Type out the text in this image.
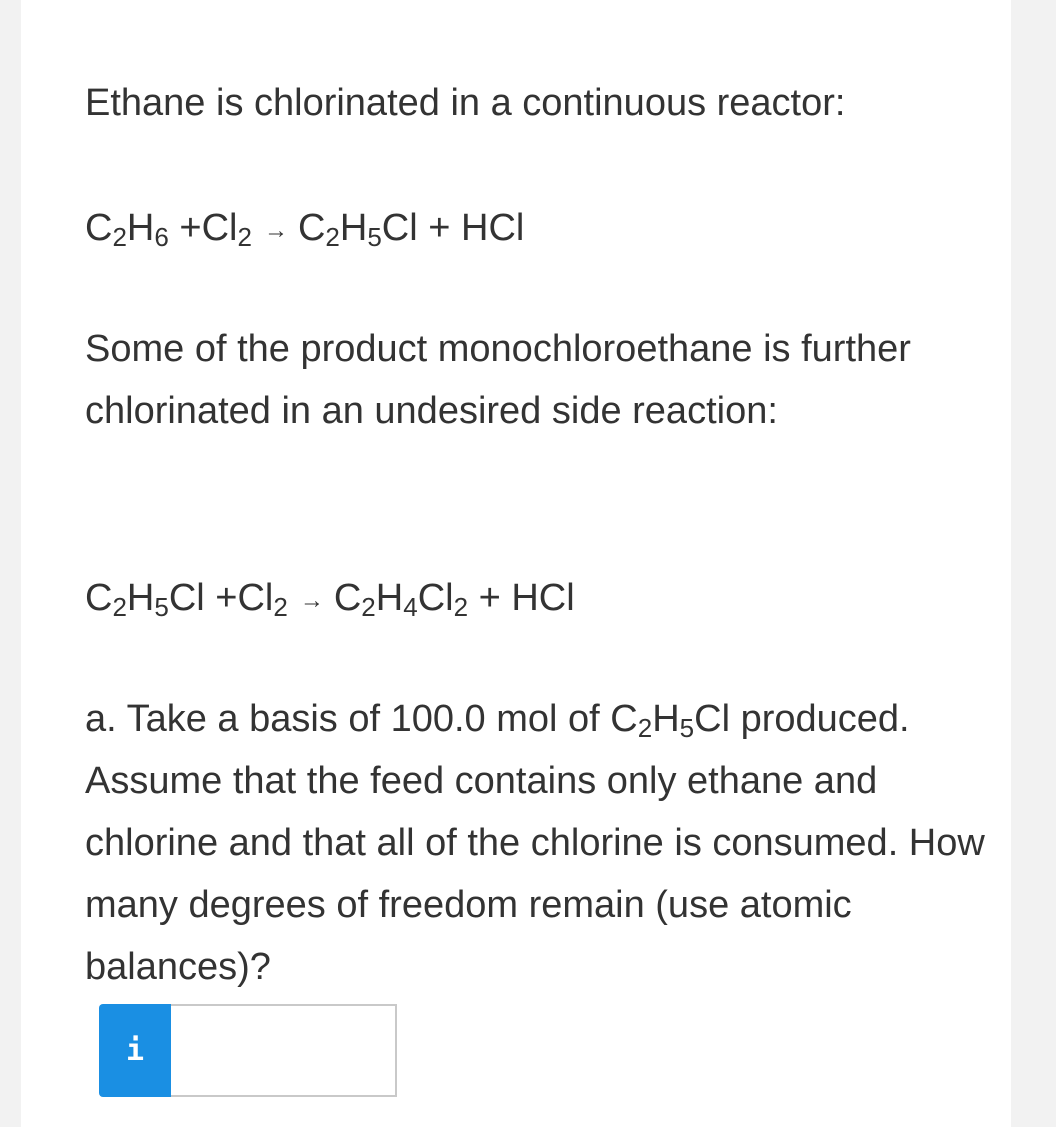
Ethane is chlorinated in a continuous reactor:

$C_2H_6 +Cl_2 \to C_2H_5Cl$ + HCl

Some of the product monochloroethane is further chlorinated in an undesired side reaction:

$C_2H_5Cl +Cl_2 \to C_2H_4Cl_2$ + HCl

a. Take a basis of 100.0 mol of $C_2H_5Cl$ produced. Assume that the feed contains only ethane and chlorine and that all of the chlorine is consumed. How many degrees of freedom remain (use atomic balances)?

i
